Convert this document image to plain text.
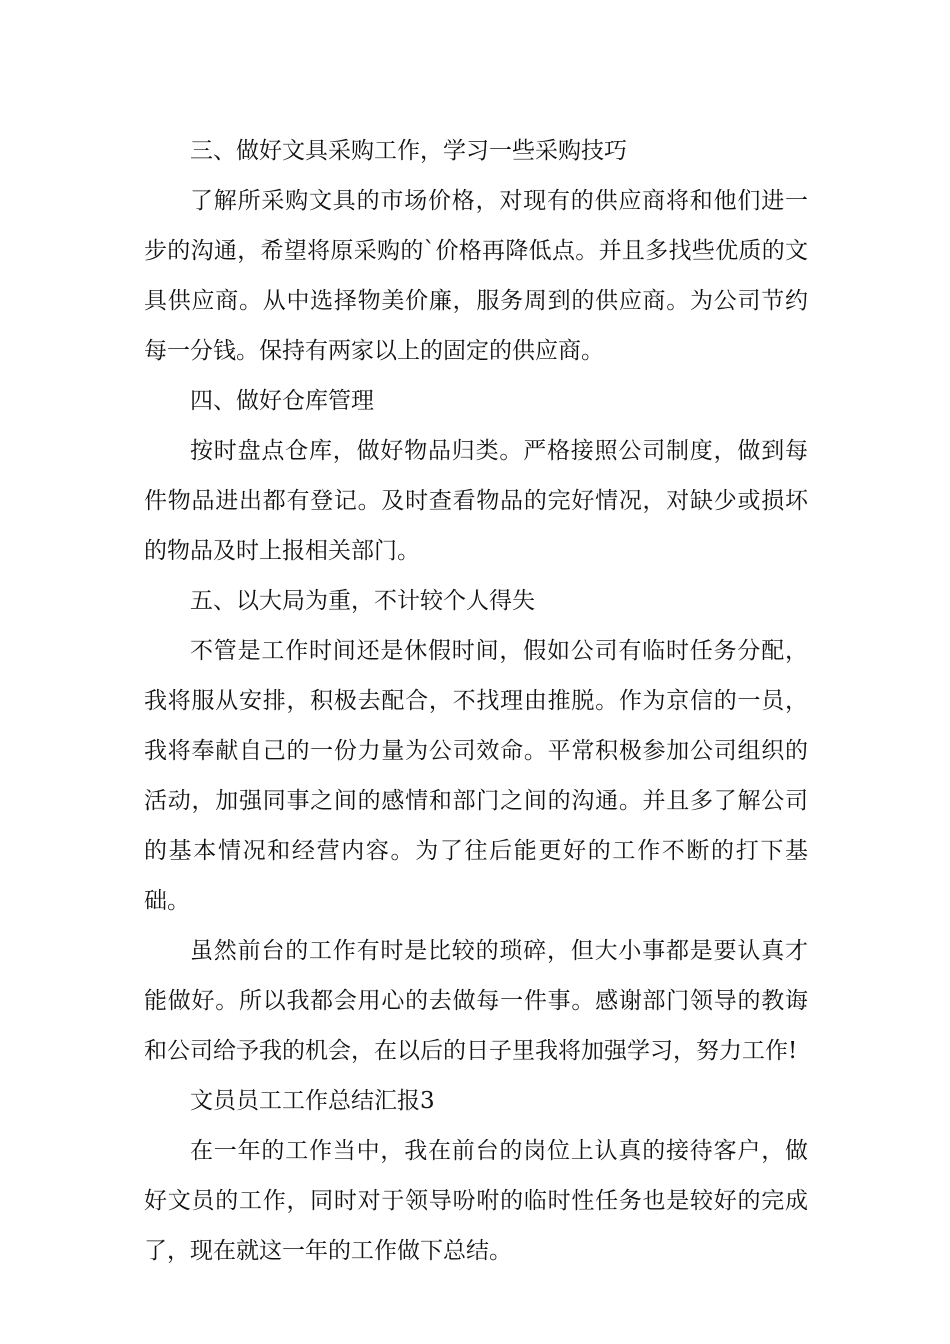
三、做好文具采购工作，学习一些采购技巧

了解所采购文具的市场价格，对现有的供应商将和他们进一步的沟通，希望将原采购的`价格再降低点。并且多找些优质的文具供应商。从中选择物美价廉，服务周到的供应商。为公司节约每一分钱。保持有两家以上的固定的供应商。

四、做好仓库管理

按时盘点仓库，做好物品归类。严格接照公司制度，做到每件物品进出都有登记。及时查看物品的完好情况，对缺少或损坏的物品及时上报相关部门。

五、以大局为重，不计较个人得失

不管是工作时间还是休假时间，假如公司有临时任务分配，我将服从安排，积极去配合，不找理由推脱。作为京信的一员，我将奉献自己的一份力量为公司效命。平常积极参加公司组织的活动，加强同事之间的感情和部门之间的沟通。并且多了解公司的基本情况和经营内容。为了往后能更好的工作不断的打下基础。

虽然前台的工作有时是比较的琐碎，但大小事都是要认真才能做好。所以我都会用心的去做每一件事。感谢部门领导的教诲和公司给予我的机会，在以后的日子里我将加强学习，努力工作!

文员员工工作总结汇报3

在一年的工作当中，我在前台的岗位上认真的接待客户，做好文员的工作，同时对于领导吩咐的临时性任务也是较好的完成了，现在就这一年的工作做下总结。
